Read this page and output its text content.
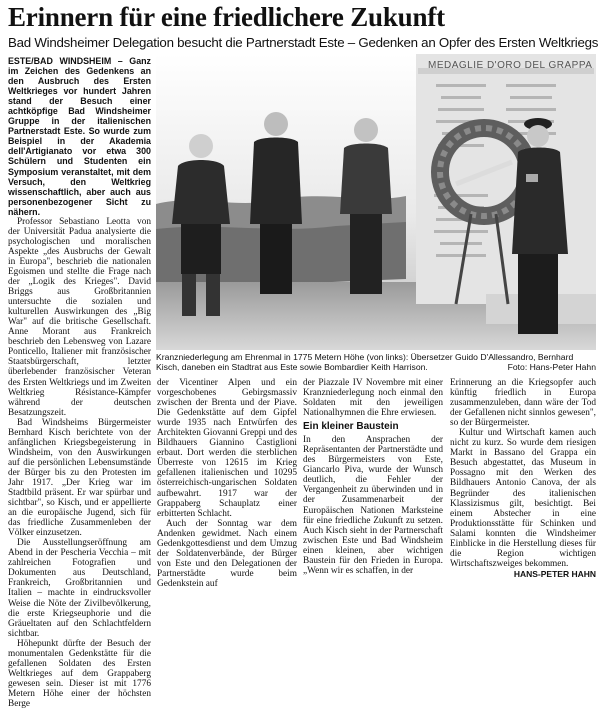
Erinnern für eine friedlichere Zukunft
Bad Windsheimer Delegation besucht die Partnerstadt Este – Gedenken an Opfer des Ersten Weltkriegs

ESTE/BAD WINDSHEIM – Ganz im Zeichen des Gedenkens an den Ausbruch des Ersten Weltkrieges vor hundert Jahren stand der Besuch einer achtköpfige Bad Windsheimer Gruppe in der italienischen Partnerstadt Este. So wurde zum Beispiel in der Akademia dell'Artigianato vor etwa 300 Schülern und Studenten ein Symposium veranstaltet, mit dem Versuch, den Weltkrieg wissenschaftlich, aber auch aus personenbezogener Sicht zu nähern.

Professor Sebastiano Leotta von der Universität Padua analysierte die psychologischen und moralischen Aspekte „des Ausbruchs der Gewalt in Europa", beschrieb die nationalen Egoismen und stellte die Frage nach der „Logik des Krieges". David Briggs aus Großbritannien untersuchte die sozialen und kulturellen Auswirkungen des „Big War" auf die britische Gesellschaft. Anne Morant aus Frankreich beschrieb den Lebensweg von Lazare Ponticello, Italiener mit französischer Staatsbürgerschaft, letzter überlebender französischer Veteran des Ersten Weltkriegs und im Zweiten Weltkrieg Résistance-Kämpfer während der deutschen Besatzungszeit.

Bad Windsheims Bürgermeister Bernhard Kisch berichtete von der anfänglichen Kriegsbegeisterung in Windsheim, von den Auswirkungen auf die persönlichen Lebensumstände der Bürger bis zu den Protesten im Jahr 1917. „Der Krieg war im Stadtbild präsent. Er war spürbar und sichtbar", so Kisch, und er appellierte an die europäische Jugend, sich für das friedliche Zusammenleben der Völker einzusetzen.

Die Ausstellungseröffnung am Abend in der Pescheria Vecchia – mit zahlreichen Fotografien und Dokumenten aus Deutschland, Frankreich, Großbritannien und Italien – machte in eindrucksvoller Weise die Nöte der Zivilbevölkerung, die erste Kriegseuphorie und die Gräueltaten auf den Schlachtfeldern sichtbar.

Höhepunkt dürfte der Besuch der monumentalen Gedenkstätte für die gefallenen Soldaten des Ersten Weltkrieges auf dem Grappaberg gewesen sein. Dieser ist mit 1776 Metern Höhe einer der höchsten Berge

MEDAGLIE D'ORO DEL GRAPPA
Kranzniederlegung am Ehrenmal in 1775 Metern Höhe (von links): Übersetzer Guido D'Allessandro, Bernhard Kisch, daneben ein Stadtrat aus Este sowie Bombardier Keith Harrison.	Foto: Hans-Peter Hahn

der Vicentiner Alpen und ein vorgeschobenes Gebirgsmassiv zwischen der Brenta und der Piave. Die Gedenkstätte auf dem Gipfel wurde 1935 nach Entwürfen des Architekten Giovanni Greppi und des Bildhauers Giannino Castiglioni erbaut. Dort werden die sterblichen Überreste von 12615 im Krieg gefallenen italienischen und 10295 österreichisch-ungarischen Soldaten aufbewahrt. 1917 war der Grappaberg Schauplatz einer erbitterten Schlacht.

Auch der Sonntag war dem Andenken gewidmet. Nach einem Gedenkgottesdienst und dem Umzug der Soldatenverbände, der Bürger von Este und den Delegationen der Partnerstädte wurde beim Gedenkstein auf

der Piazzale IV Novembre mit einer Kranzniederlegung noch einmal den Soldaten mit den jeweiligen Nationalhymnen die Ehre erwiesen.

Ein kleiner Baustein

In den Ansprachen der Repräsentanten der Partnerstädte und des Bürgermeisters von Este, Giancarlo Piva, wurde der Wunsch deutlich, die Fehler der Vergangenheit zu überwinden und in der Zusammenarbeit der Europäischen Nationen Marksteine für eine friedliche Zukunft zu setzen. Auch Kisch sieht in der Partnerschaft zwischen Este und Bad Windsheim einen kleinen, aber wichtigen Baustein für den Frieden in Europa. „Wenn wir es schaffen, in der

Erinnerung an die Kriegsopfer auch künftig friedlich in Europa zusammenzuleben, dann wäre der Tod der Gefallenen nicht sinnlos gewesen", so der Bürgermeister.

Kultur und Wirtschaft kamen auch nicht zu kurz. So wurde dem riesigen Markt in Bassano del Grappa ein Besuch abgestattet, das Museum in Possagno mit den Werken des Bildhauers Antonio Canova, der als Begründer des italienischen Klassizismus gilt, besichtigt. Bei einem Abstecher in eine Produktionsstätte für Schinken und Salami konnten die Windsheimer Einblicke in die Herstellung dieses für die Region wichtigen Wirtschaftszweiges bekommen.

HANS-PETER HAHN
